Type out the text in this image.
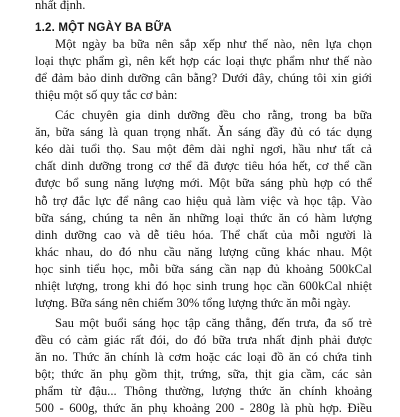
nhất định.
1.2. MỘT NGÀY BA BỮA
Một ngày ba bữa nên sắp xếp như thế nào, nên lựa chọn
loại thực phẩm gì, nên kết hợp các loại thực phẩm như thế nào
để đảm bảo dinh dưỡng cân bằng? Dưới đây, chúng tôi xin giới
thiệu một số quy tắc cơ bản:
Các chuyên gia dinh dưỡng đều cho rằng, trong ba bữa
ăn, bữa sáng là quan trọng nhất. Ăn sáng đầy đủ có tác dụng
kéo dài tuổi thọ. Sau một đêm dài nghỉ ngơi, hầu như tất cả
chất dinh dưỡng trong cơ thể đã được tiêu hóa hết, cơ thể cần
được bổ sung năng lượng mới. Một bữa sáng phù hợp có thể
hỗ trợ đắc lực để nâng cao hiệu quả làm việc và học tập. Vào
bữa sáng, chúng ta nên ăn những loại thức ăn có hàm lượng
dinh dưỡng cao và dễ tiêu hóa. Thể chất của mỗi người là
khác nhau, do đó nhu cầu năng lượng cũng khác nhau. Một
học sinh tiểu học, mỗi bữa sáng cần nạp đủ khoảng 500kCal
nhiệt lượng, trong khi đó học sinh trung học cần 600kCal nhiệt
lượng. Bữa sáng nên chiếm 30% tổng lượng thức ăn mỗi ngày.
Sau một buổi sáng học tập căng thẳng, đến trưa, đa số trẻ
đều có cảm giác rất đói, do đó bữa trưa nhất định phải được
ăn no. Thức ăn chính là cơm hoặc các loại đồ ăn có chứa tinh
bột; thức ăn phụ gồm thịt, trứng, sữa, thịt gia cầm, các sản
phẩm từ đậu... Thông thường, lượng thức ăn chính khoảng
500 - 600g, thức ăn phụ khoảng 200 - 280g là phù hợp. Điều
